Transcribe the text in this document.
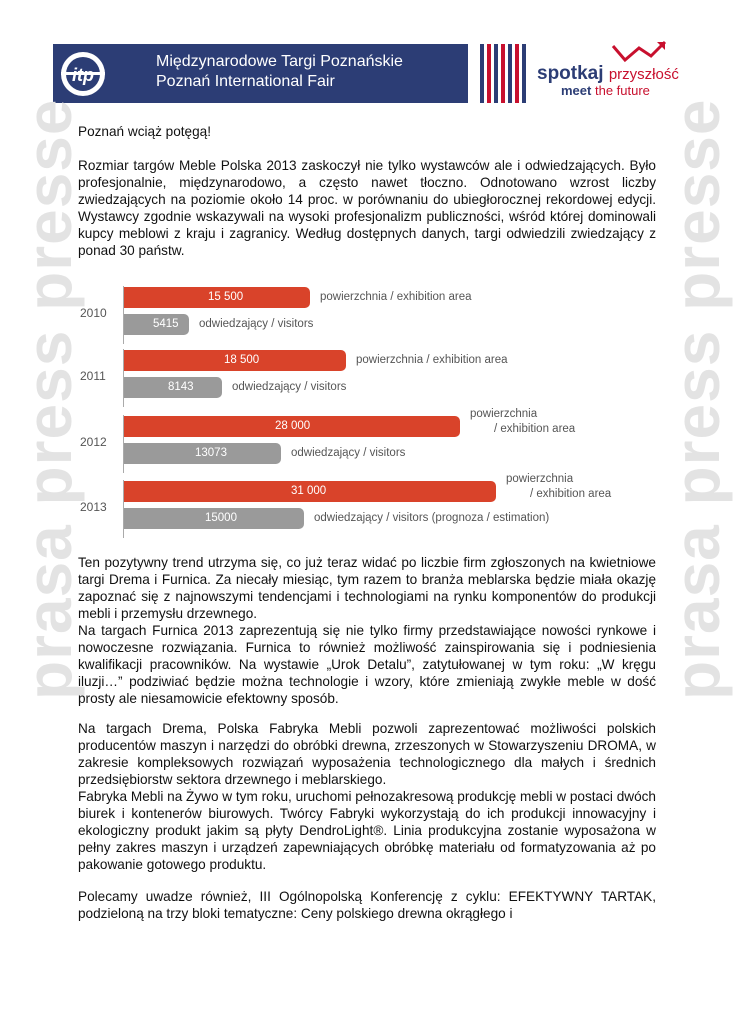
Międzynarodowe Targi Poznańskie
Poznań International Fair	spotkaj przyszłość
meet the future
prasa press presse	prasa press presse

Poznań wciąż potęgą!

Rozmiar targów Meble Polska 2013 zaskoczył nie tylko wystawców ale i odwiedzających. Było profesjonalnie, międzynarodowo, a często nawet tłoczno. Odnotowano wzrost liczby zwiedzających na poziomie około 14 proc. w porównaniu do ubiegłorocznej rekordowej edycji. Wystawcy zgodnie wskazywali na wysoki profesjonalizm publiczności, wśród której dominowali kupcy meblowi z kraju i zagranicy. Według dostępnych danych, targi odwiedzili zwiedzający z ponad 30 państw.

2010
15 500	powierzchnia / exhibition area
5415 odwiedzający / visitors
2011
18 500	powierzchnia / exhibition area
8143	odwiedzający / visitors
2012
28 000
powierzchnia
/ exhibition area
13073	odwiedzający / visitors
2013
31 000
powierzchnia
/ exhibition area
15000	odwiedzający / visitors (prognoza / estimation)

Ten pozytywny trend utrzyma się, co już teraz widać po liczbie firm zgłoszonych na kwietniowe targi Drema i Furnica. Za niecały miesiąc, tym razem to branża meblarska będzie miała okazję zapoznać się z najnowszymi tendencjami i technologiami na rynku komponentów do produkcji mebli i przemysłu drzewnego.

Na targach Furnica 2013 zaprezentują się nie tylko firmy przedstawiające nowości rynkowe i nowoczesne rozwiązania. Furnica to również możliwość zainspirowania się i podniesienia kwalifikacji pracowników. Na wystawie „Urok Detalu”, zatytułowanej w tym roku: „W kręgu iluzji…” podziwiać będzie można technologie i wzory, które zmieniają zwykłe meble w dość prosty ale niesamowicie efektowny sposób.

Na targach Drema, Polska Fabryka Mebli pozwoli zaprezentować możliwości polskich producentów maszyn i narzędzi do obróbki drewna, zrzeszonych w Stowarzyszeniu DROMA, w zakresie kompleksowych rozwiązań wyposażenia technologicznego dla małych i średnich przedsiębiorstw sektora drzewnego i meblarskiego.

Fabryka Mebli na Żywo w tym roku, uruchomi pełnozakresową produkcję mebli w postaci dwóch biurek i kontenerów biurowych. Twórcy Fabryki wykorzystają do ich produkcji innowacyjny i ekologiczny produkt jakim są płyty DendroLight®. Linia produkcyjna zostanie wyposażona w pełny zakres maszyn i urządzeń zapewniających obróbkę materiału od formatyzowania aż po pakowanie gotowego produktu.

Polecamy uwadze również, III Ogólnopolską Konferencję z cyklu: EFEKTYWNY TARTAK, podzieloną na trzy bloki tematyczne: Ceny polskiego drewna okrągłego i
